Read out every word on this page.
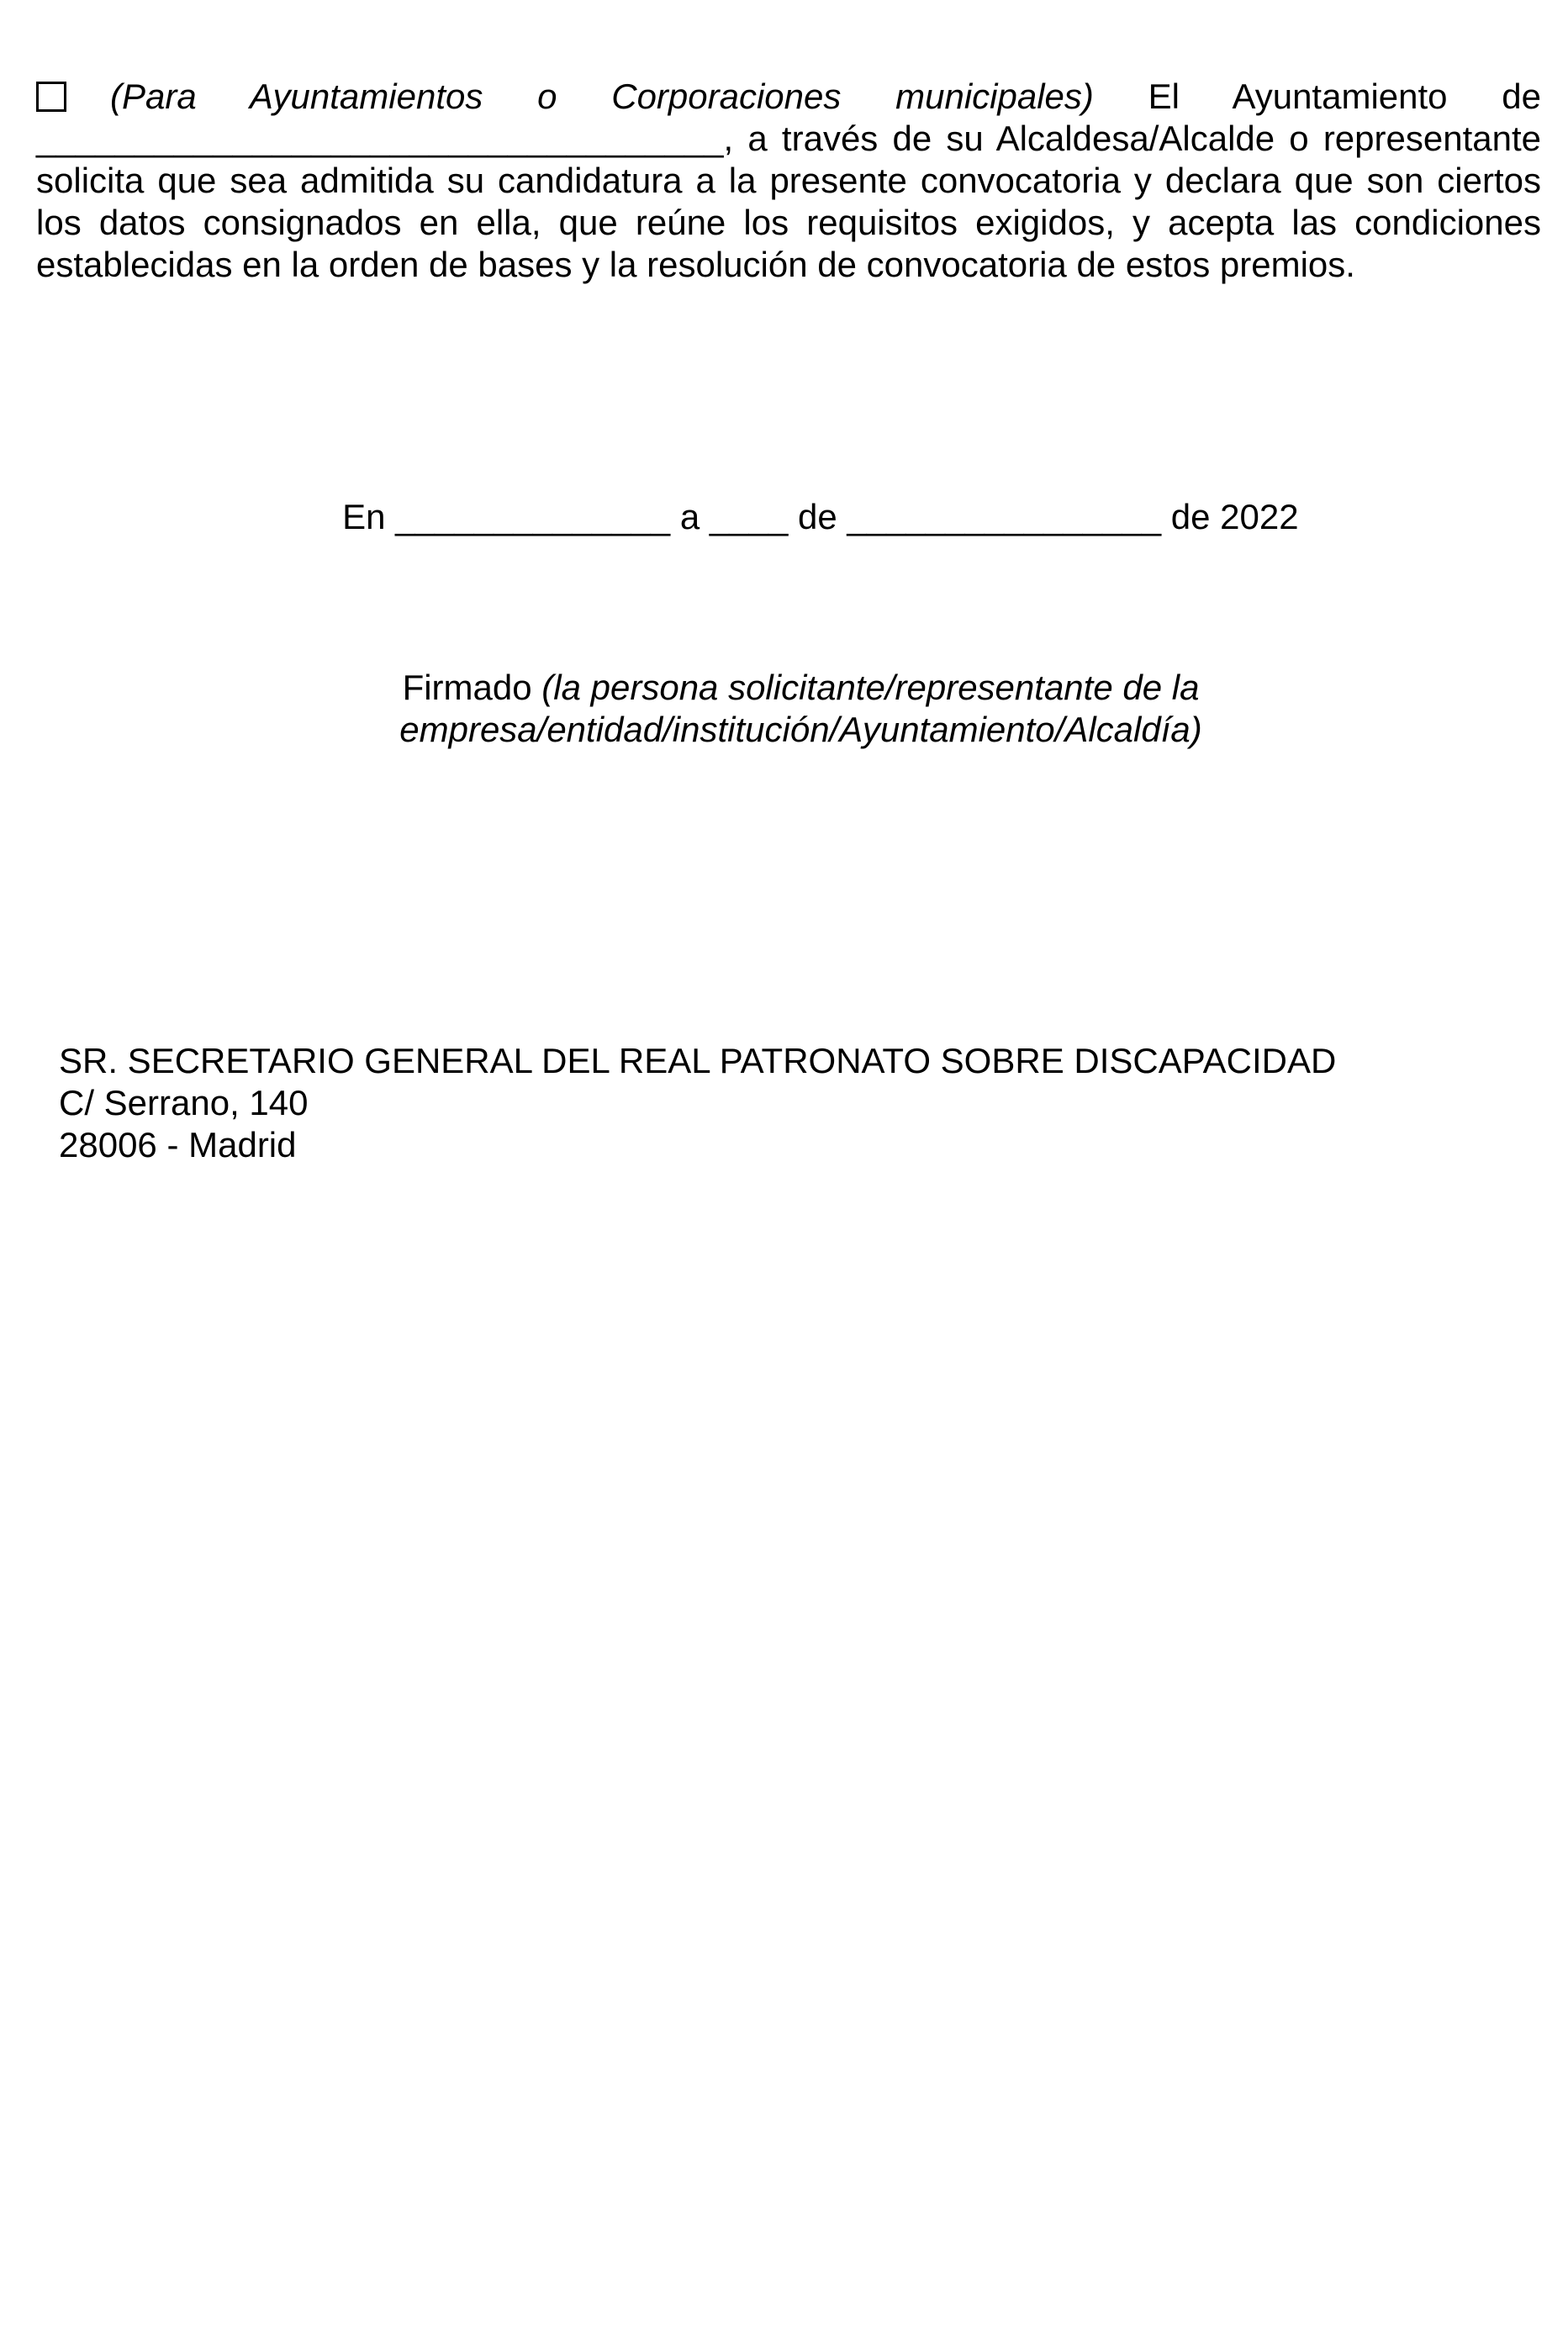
(Para Ayuntamientos o Corporaciones municipales) El Ayuntamiento de ___________________________________, a través de su Alcaldesa/Alcalde o representante solicita que sea admitida su candidatura a la presente convocatoria y declara que son ciertos los datos consignados en ella, que reúne los requisitos exigidos, y acepta las condiciones establecidas en la orden de bases y la resolución de convocatoria de estos premios.

En ______________ a ____ de ________________ de 2022

Firmado (la persona solicitante/representante de la
empresa/entidad/institución/Ayuntamiento/Alcaldía)
SR. SECRETARIO GENERAL DEL REAL PATRONATO SOBRE DISCAPACIDAD
C/ Serrano, 140
28006 - Madrid
